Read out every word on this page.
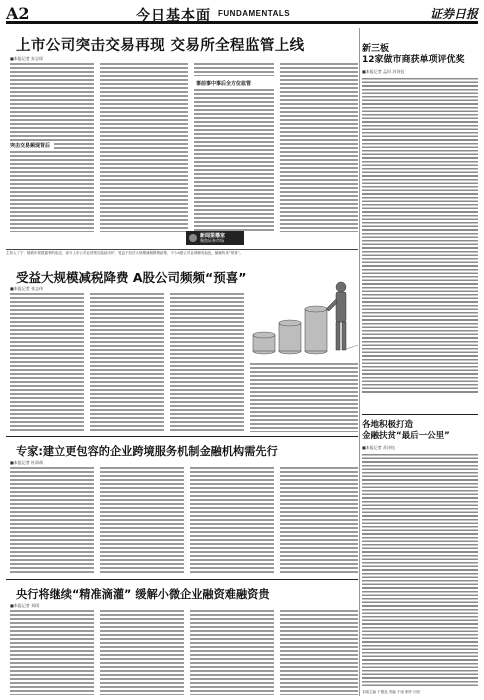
A2	今日基本面 FUNDAMENTALS	证券日报
上市公司突击交易再现 交易所全程监管上线
■本报记者 朱宝琛
突击交易频现背后
事前事中事后全方位监管
新闻第播室
聚焦证券市场
主持人丁宁：随着年报披露季的临近，部分上市公司业绩预告陆续出炉，受益于经济大规模减税降费政策，不少A股公司业绩颇有起色，频频传来“预喜”。
受益大规模减税降费 A股公司频频“预喜”
■本报记者 张志伟
专家:建立更包容的企业跨境服务机制金融机构需先行
■本报记者 杜雨萌
央行将继续“精准滴灌” 缓解小微企业融资难融资贵
■本报记者 刘琪
新三板
12家做市商获单项评优奖
■本报记者 孟珂 苏诗钰
各地积极打造
金融扶贫“最后一公里”
■本报记者 苏诗钰
本版主编 于德良 责编 于南 制作 闫亮
